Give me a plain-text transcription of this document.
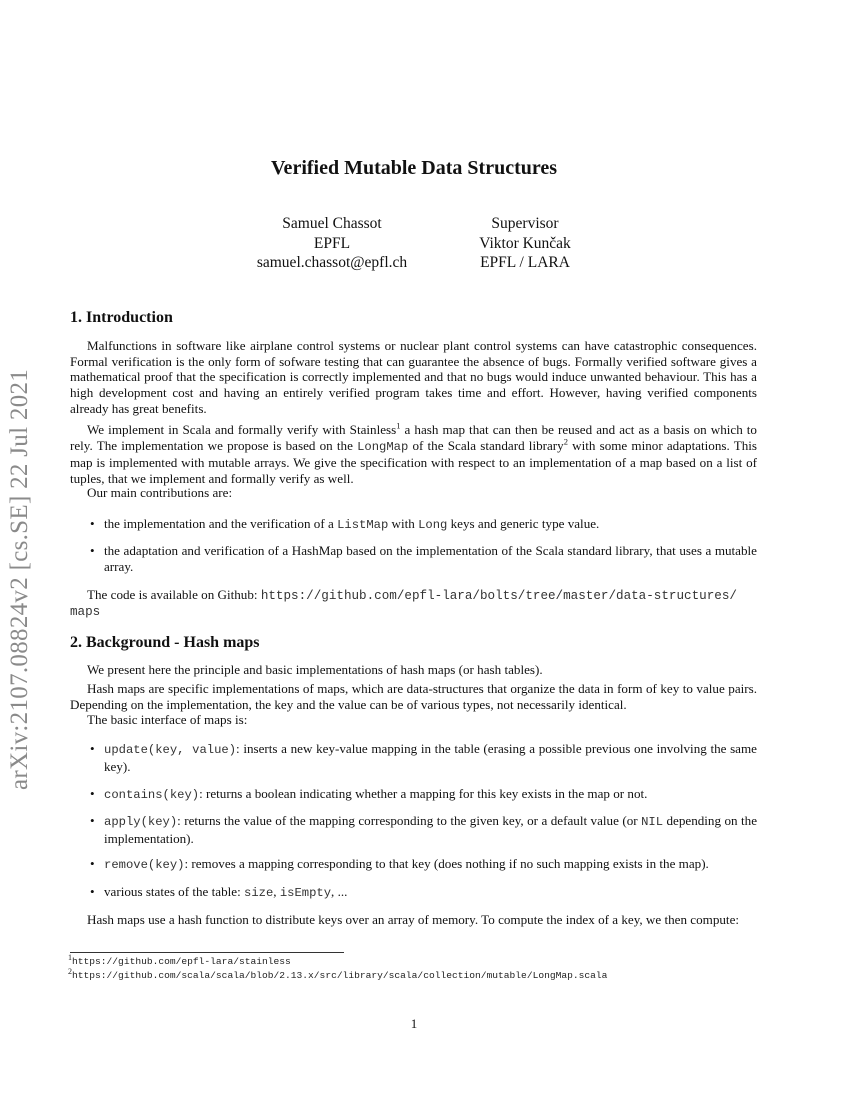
arXiv:2107.08824v2 [cs.SE] 22 Jul 2021
Verified Mutable Data Structures
Samuel Chassot
EPFL
samuel.chassot@epfl.ch
Supervisor
Viktor Kunčak
EPFL / LARA
1. Introduction

Malfunctions in software like airplane control systems or nuclear plant control systems can have catastrophic consequences. Formal verification is the only form of sofware testing that can guarantee the absence of bugs. Formally verified software gives a mathematical proof that the specification is correctly implemented and that no bugs would induce unwanted behaviour. This has a high development cost and having an entirely verified program takes time and effort. However, having verified components already has great benefits.

We implement in Scala and formally verify with Stainless$^1$ a hash map that can then be reused and act as a basis on which to rely. The implementation we propose is based on the LongMap of the Scala standard library$^2$ with some minor adaptations. This map is implemented with mutable arrays. We give the specification with respect to an implementation of a map based on a list of tuples, that we implement and formally verify as well.

Our main contributions are:

• the implementation and the verification of a ListMap with Long keys and generic type value.
• the adaptation and verification of a HashMap based on the implementation of the Scala standard library, that uses a mutable array.

The code is available on Github: https://github.com/epfl-lara/bolts/tree/master/data-structures/

maps

2. Background - Hash maps

We present here the principle and basic implementations of hash maps (or hash tables).

Hash maps are specific implementations of maps, which are data-structures that organize the data in form of key to value pairs. Depending on the implementation, the key and the value can be of various types, not necessarily identical.

The basic interface of maps is:

• update(key, value): inserts a new key-value mapping in the table (erasing a possible previous one involving the same key).
• contains(key): returns a boolean indicating whether a mapping for this key exists in the map or not.
• apply(key): returns the value of the mapping corresponding to the given key, or a default value (or NIL depending on the implementation).
• remove(key): removes a mapping corresponding to that key (does nothing if no such mapping exists in the map).
• various states of the table: size, isEmpty, ...

Hash maps use a hash function to distribute keys over an array of memory. To compute the index of a key, we then compute:

$^1$https://github.com/epfl-lara/stainless
$^2$https://github.com/scala/scala/blob/2.13.x/src/library/scala/collection/mutable/LongMap.scala
1
